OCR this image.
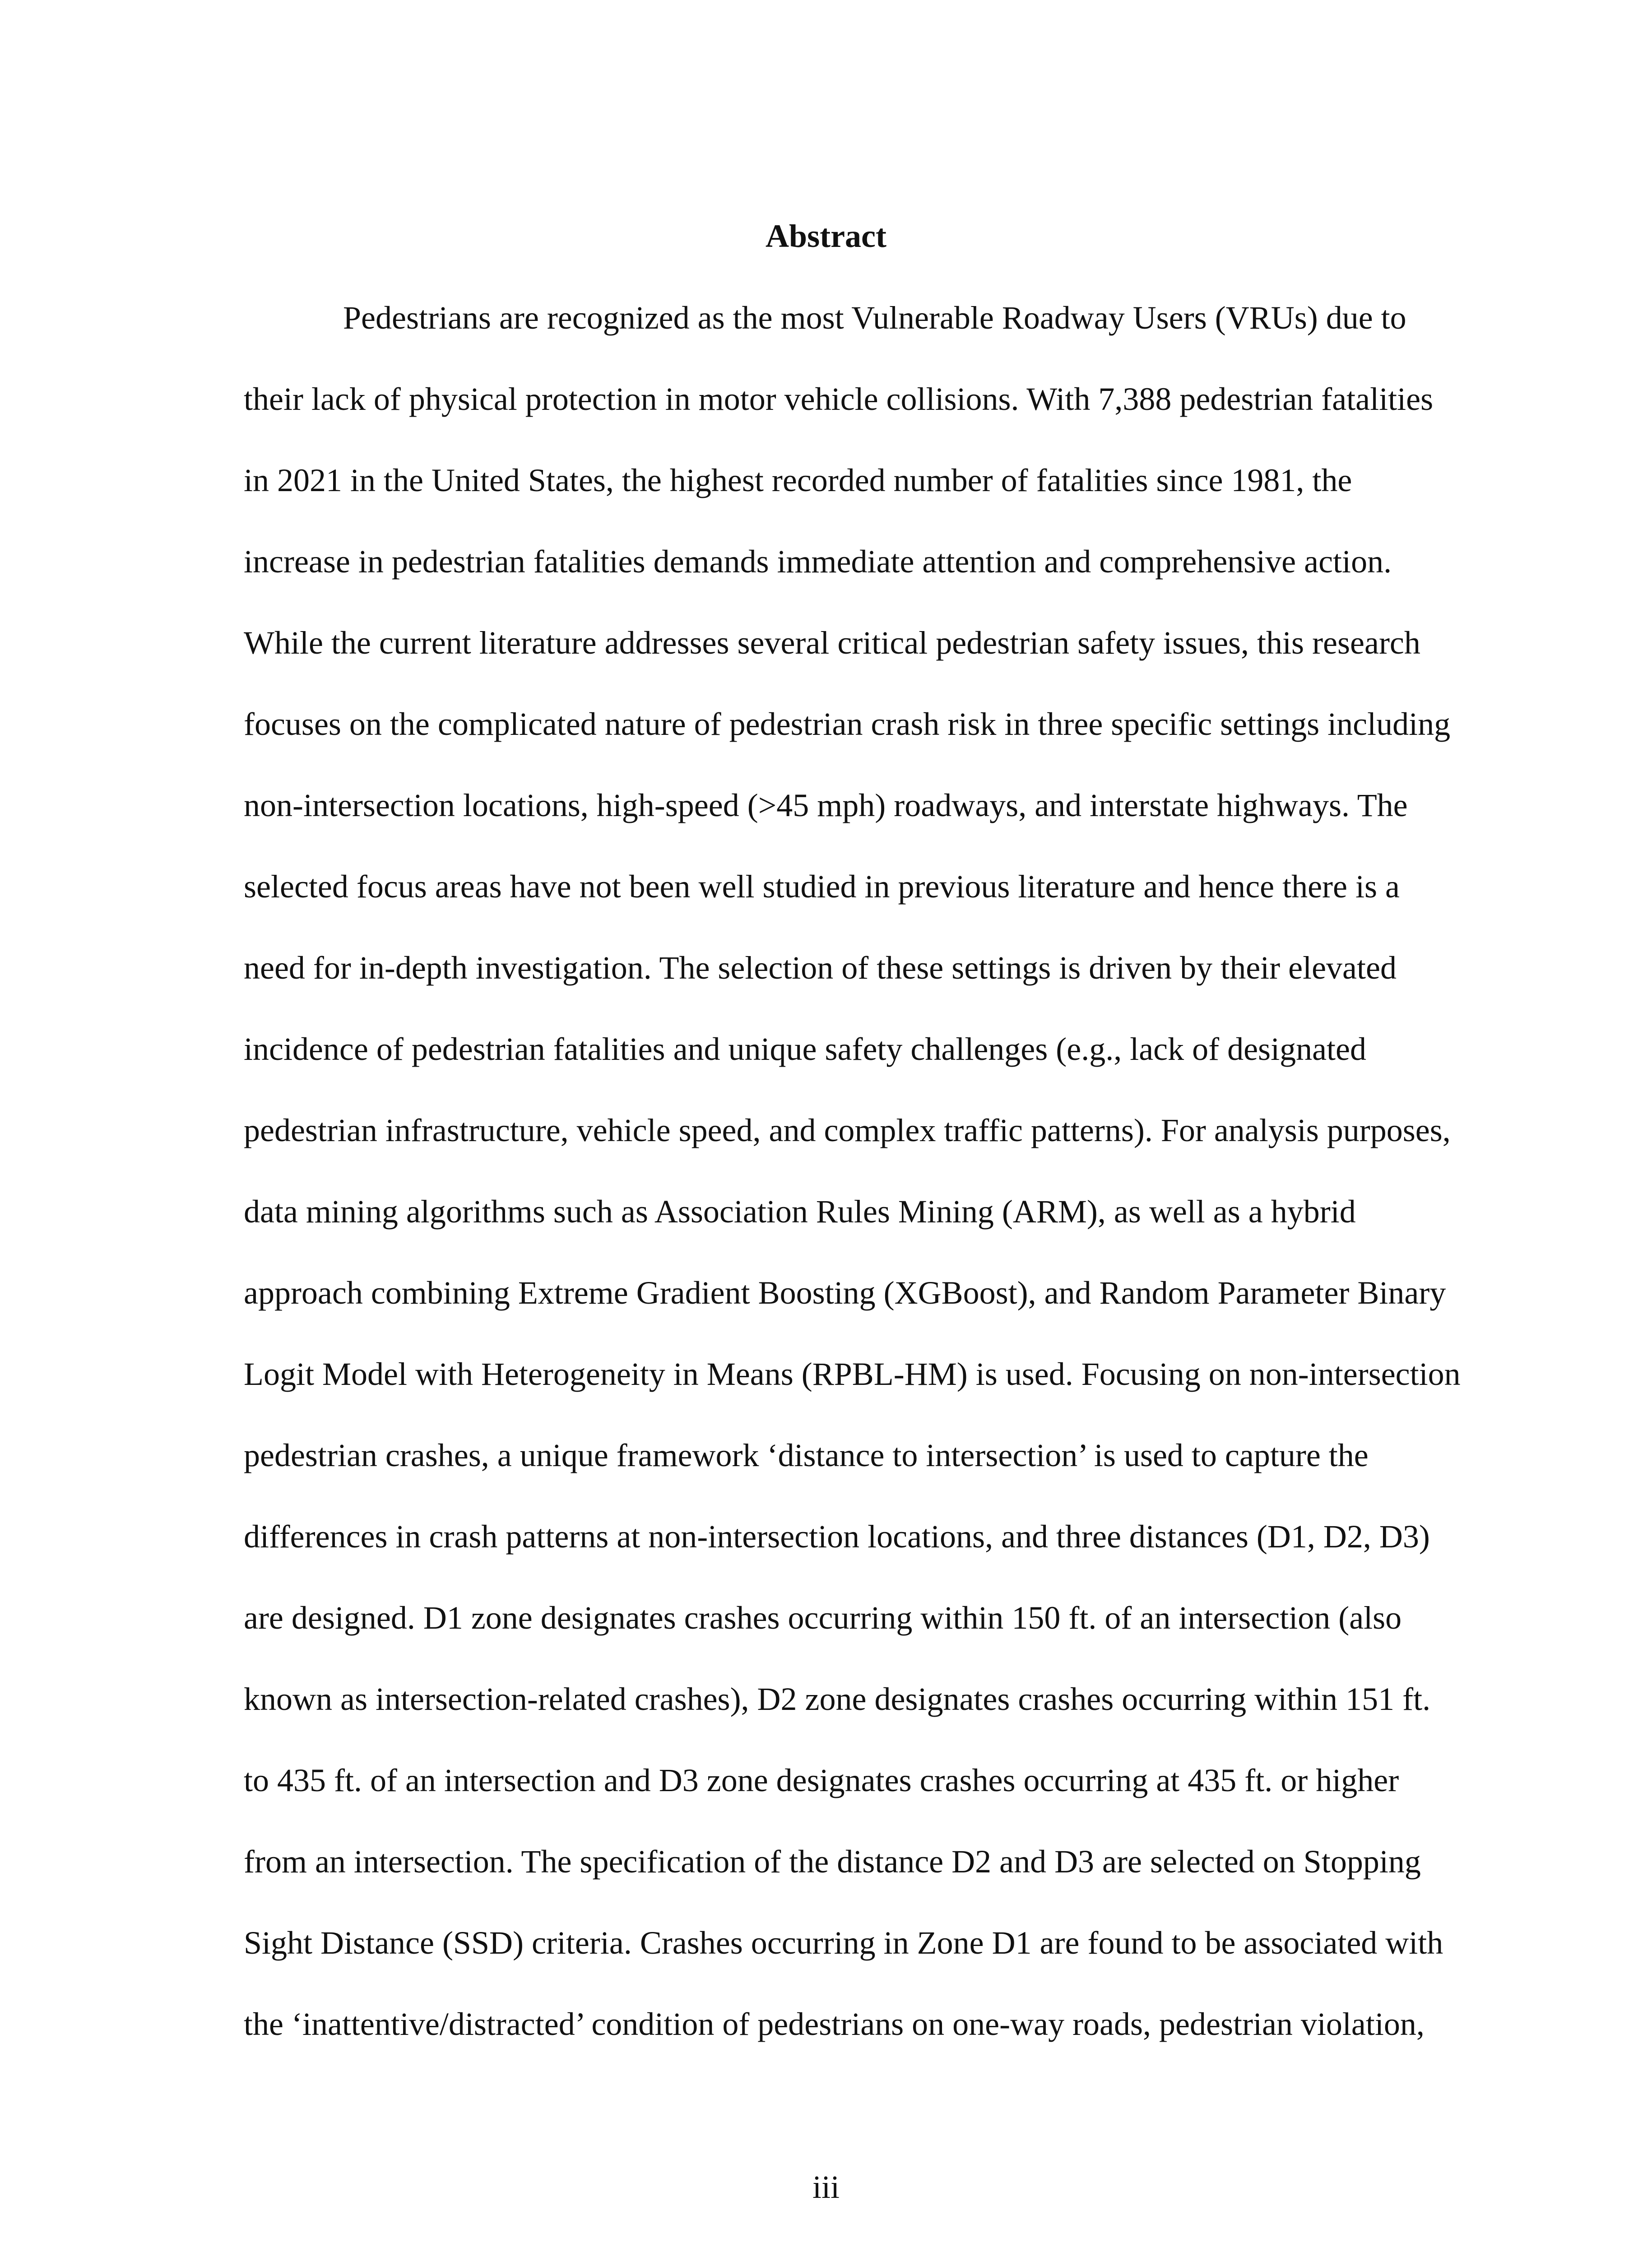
Abstract
Pedestrians are recognized as the most Vulnerable Roadway Users (VRUs) due to
their lack of physical protection in motor vehicle collisions. With 7,388 pedestrian fatalities
in 2021 in the United States, the highest recorded number of fatalities since 1981, the
increase in pedestrian fatalities demands immediate attention and comprehensive action.
While the current literature addresses several critical pedestrian safety issues, this research
focuses on the complicated nature of pedestrian crash risk in three specific settings including
non-intersection locations, high-speed (>45 mph) roadways, and interstate highways. The
selected focus areas have not been well studied in previous literature and hence there is a
need for in-depth investigation. The selection of these settings is driven by their elevated
incidence of pedestrian fatalities and unique safety challenges (e.g., lack of designated
pedestrian infrastructure, vehicle speed, and complex traffic patterns). For analysis purposes,
data mining algorithms such as Association Rules Mining (ARM), as well as a hybrid
approach combining Extreme Gradient Boosting (XGBoost), and Random Parameter Binary
Logit Model with Heterogeneity in Means (RPBL-HM) is used. Focusing on non-intersection
pedestrian crashes, a unique framework ‘distance to intersection’ is used to capture the
differences in crash patterns at non-intersection locations, and three distances (D1, D2, D3)
are designed. D1 zone designates crashes occurring within 150 ft. of an intersection (also
known as intersection-related crashes), D2 zone designates crashes occurring within 151 ft.
to 435 ft. of an intersection and D3 zone designates crashes occurring at 435 ft. or higher
from an intersection. The specification of the distance D2 and D3 are selected on Stopping
Sight Distance (SSD) criteria. Crashes occurring in Zone D1 are found to be associated with
the ‘inattentive/distracted’ condition of pedestrians on one-way roads, pedestrian violation,
iii
